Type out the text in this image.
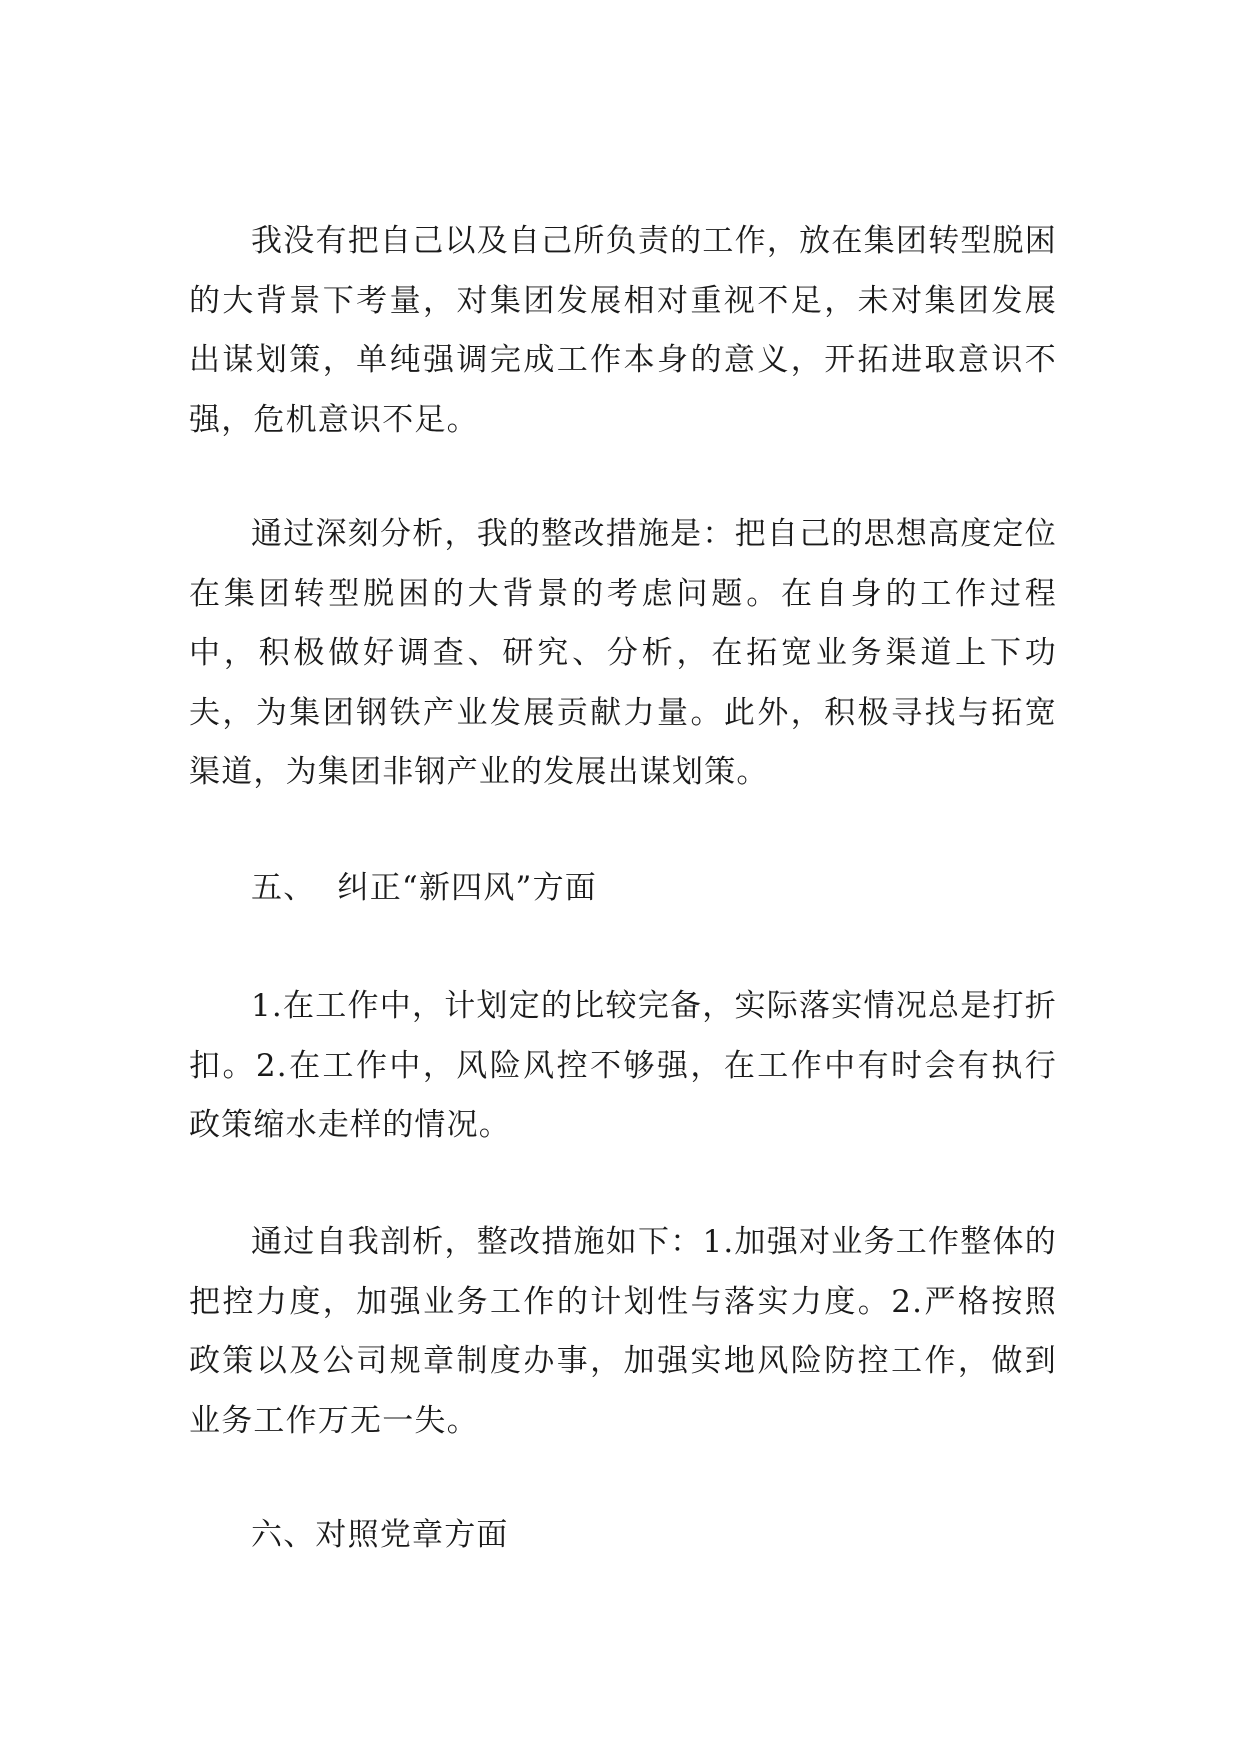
我没有把自己以及自己所负责的工作，放在集团转型脱困的大背景下考量，对集团发展相对重视不足，未对集团发展出谋划策，单纯强调完成工作本身的意义，开拓进取意识不强，危机意识不足。

通过深刻分析，我的整改措施是：把自己的思想高度定位在集团转型脱困的大背景的考虑问题。在自身的工作过程中，积极做好调查、研究、分析，在拓宽业务渠道上下功夫，为集团钢铁产业发展贡献力量。此外，积极寻找与拓宽渠道，为集团非钢产业的发展出谋划策。

五、  纠正“新四风”方面

1.在工作中，计划定的比较完备，实际落实情况总是打折扣。2.在工作中，风险风控不够强，在工作中有时会有执行政策缩水走样的情况。

通过自我剖析，整改措施如下：1.加强对业务工作整体的把控力度，加强业务工作的计划性与落实力度。2.严格按照政策以及公司规章制度办事，加强实地风险防控工作，做到业务工作万无一失。

六、对照党章方面
